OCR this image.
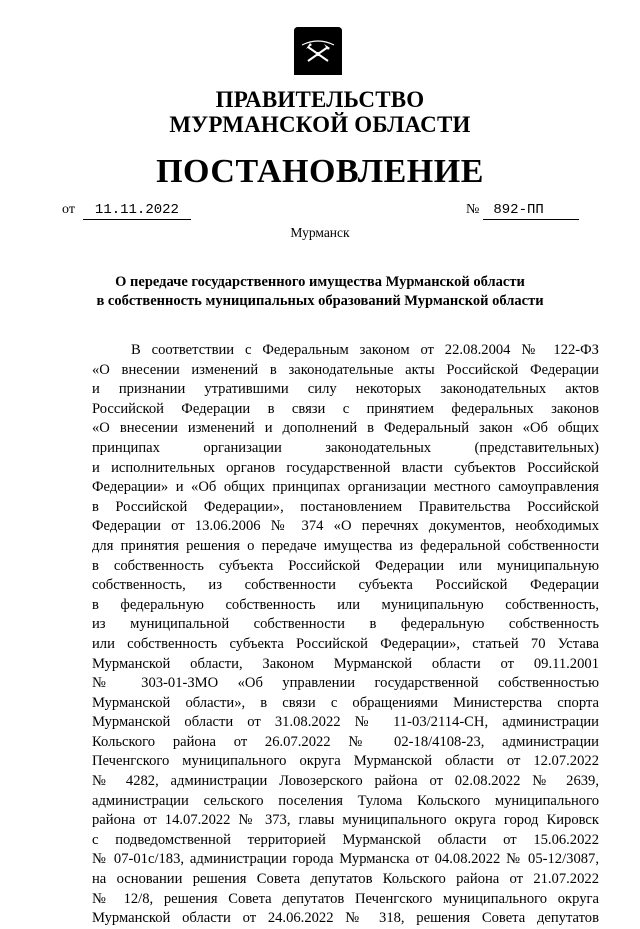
ПРАВИТЕЛЬСТВО
МУРМАНСКОЙ ОБЛАСТИ
ПОСТАНОВЛЕНИЕ
от 11.11.2022	№ 892-ПП
Мурманск
О передаче государственного имущества Мурманской области
в собственность муниципальных образований Мурманской области
В соответствии с Федеральным законом от 22.08.2004 № 122-ФЗ
«О внесении изменений в законодательные акты Российской Федерации
и признании утратившими силу некоторых законодательных актов
Российской Федерации в связи с принятием федеральных законов
«О внесении изменений и дополнений в Федеральный закон «Об общих
принципах организации законодательных (представительных)
и исполнительных органов государственной власти субъектов Российской
Федерации» и «Об общих принципах организации местного самоуправления
в Российской Федерации», постановлением Правительства Российской
Федерации от 13.06.2006 № 374 «О перечнях документов, необходимых
для принятия решения о передаче имущества из федеральной собственности
в собственность субъекта Российской Федерации или муниципальную
собственность, из собственности субъекта Российской Федерации
в федеральную собственность или муниципальную собственность,
из муниципальной собственности в федеральную собственность
или собственность субъекта Российской Федерации», статьей 70 Устава
Мурманской области, Законом Мурманской области от 09.11.2001
№ 303-01-ЗМО «Об управлении государственной собственностью
Мурманской области», в связи с обращениями Министерства спорта
Мурманской области от 31.08.2022 № 11-03/2114-СН, администрации
Кольского района от 26.07.2022 № 02-18/4108-23, администрации
Печенгского муниципального округа Мурманской области от 12.07.2022
№ 4282, администрации Ловозерского района от 02.08.2022 № 2639,
администрации сельского поселения Тулома Кольского муниципального
района от 14.07.2022 № 373, главы муниципального округа город Кировск
с подведомственной территорией Мурманской области от 15.06.2022
№ 07-01с/183, администрации города Мурманска от 04.08.2022 № 05-12/3087,
на основании решения Совета депутатов Кольского района от 21.07.2022
№ 12/8, решения Совета депутатов Печенгского муниципального округа
Мурманской области от 24.06.2022 № 318, решения Совета депутатов
